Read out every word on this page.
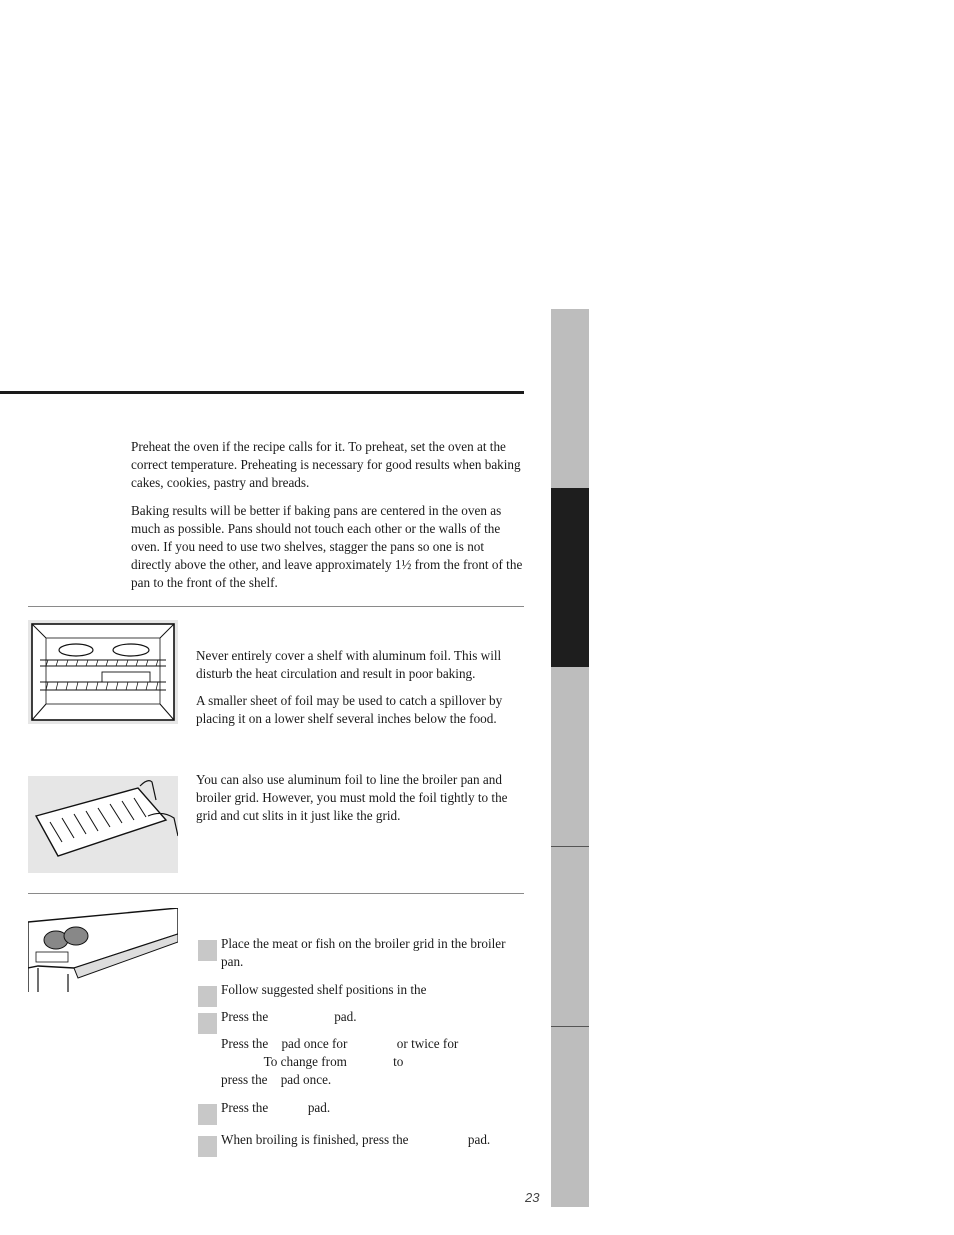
Preheat the oven if the recipe calls for it. To preheat, set the oven at the correct temperature. Preheating is necessary for good results when baking cakes, cookies, pastry and breads.

Baking results will be better if baking pans are centered in the oven as much as possible. Pans should not touch each other or the walls of the oven. If you need to use two shelves, stagger the pans so one is not directly above the other, and leave approximately 1½ from the front of the pan to the front of the shelf.

Never entirely cover a shelf with aluminum foil. This will disturb the heat circulation and result in poor baking.

A smaller sheet of foil may be used to catch a spillover by placing it on a lower shelf several inches below the food.

You can also use aluminum foil to line the broiler pan and broiler grid. However, you must mold the foil tightly to the grid and cut slits in it just like the grid.

Place the meat or fish on the broiler grid in the broiler pan.

Follow suggested shelf positions in the

Press the                    pad.

Press the    pad once for               or twice for

To change from              to

press the    pad once.

Press the            pad.

When broiling is finished, press the                  pad.

23
